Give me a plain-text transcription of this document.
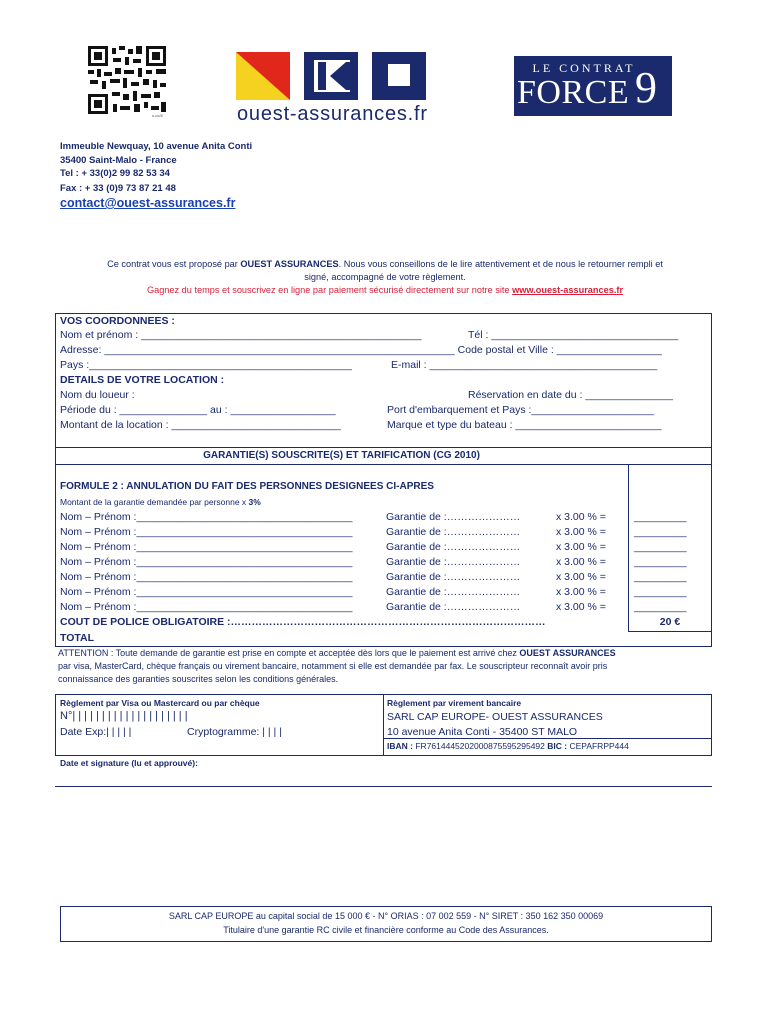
s.co/8	ouest-assurances.fr
LE CONTRAT
FORCE 9
Immeuble Newquay, 10 avenue Anita Conti
35400 Saint-Malo - France
Tel : + 33(0)2 99 82 53 34
Fax : + 33 (0)9 73 87 21 48
contact@ouest-assurances.fr
Ce contrat vous est proposé par OUEST ASSURANCES. Nous vous conseillons de le lire attentivement et de nous le retourner rempli et
signé, accompagné de votre règlement.
Gagnez du temps et souscrivez en ligne par paiement sécurisé directement sur notre site www.ouest-assurances.fr
VOS COORDONNEES :
Nom et prénom : ________________________________________________	Tél : ________________________________
Adresse: ____________________________________________________________ Code postal et Ville : __________________
Pays :_____________________________________________	E-mail : _______________________________________
DETAILS DE VOTRE LOCATION :
Nom du loueur :	Réservation en date du : _______________
Période du : _______________ au : __________________	Port d'embarquement et Pays :_____________________
Montant de la location : _____________________________	Marque et type du bateau : _________________________
GARANTIE(S) SOUSCRITE(S) ET TARIFICATION (CG 2010)
FORMULE 2 : ANNULATION DU FAIT DES PERSONNES DESIGNEES CI-APRES
Montant de la garantie demandée par personne x 3%
Nom – Prénom :_____________________________________	Garantie de :…………………	x 3.00 % =	_________
Nom – Prénom :_____________________________________	Garantie de :…………………	x 3.00 % =	_________
Nom – Prénom :_____________________________________	Garantie de :…………………	x 3.00 % =	_________
Nom – Prénom :_____________________________________	Garantie de :…………………	x 3.00 % =	_________
Nom – Prénom :_____________________________________	Garantie de :…………………	x 3.00 % =	_________
Nom – Prénom :_____________________________________	Garantie de :…………………	x 3.00 % =	_________
Nom – Prénom :_____________________________________	Garantie de :…………………	x 3.00 % =	_________
COUT DE POLICE OBLIGATOIRE :………………………………………………………………………………	20 €
TOTAL
ATTENTION : Toute demande de garantie est prise en compte et acceptée dès lors que le paiement est arrivé chez OUEST ASSURANCES
par visa, MasterCard, chèque français ou virement bancaire, notamment si elle est demandée par fax. Le souscripteur reconnaît avoir pris
connaissance des garanties souscrites selon les conditions générales.
Règlement par Visa ou Mastercard ou par chèque
N°| | | | | | | | | | | | | | | | | | | |
Date Exp:| | | | |	Cryptogramme: | | | |
Règlement par virement bancaire
SARL CAP EUROPE- OUEST ASSURANCES
10 avenue Anita Conti - 35400 ST MALO
IBAN : FR7614445202000875595295492 BIC : CEPAFRPP444
Date et signature (lu et approuvé):
SARL CAP EUROPE au capital social de 15 000 € - N° ORIAS : 07 002 559 - N° SIRET : 350 162 350 00069
Titulaire d'une garantie RC civile et financière conforme au Code des Assurances.
